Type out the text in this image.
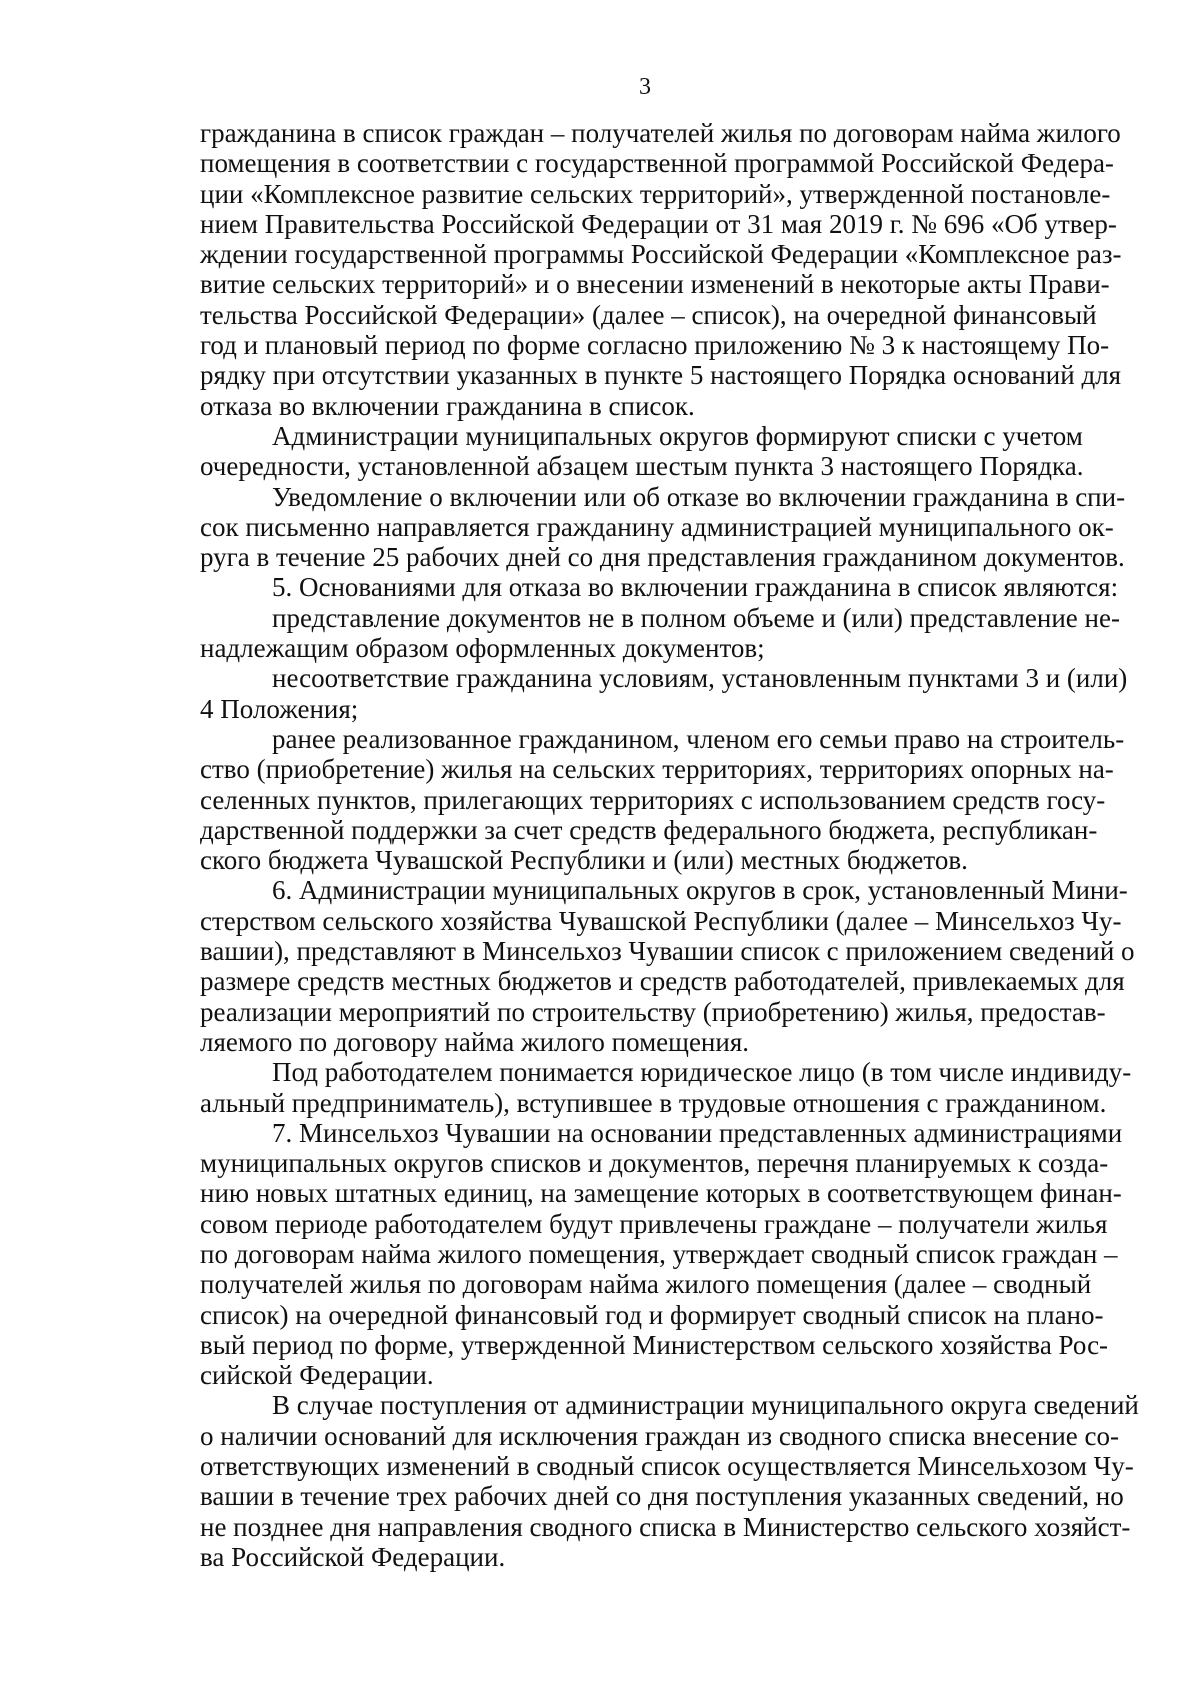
3
гражданина в список граждан – получателей жилья по договорам найма жилого
помещения в соответствии с государственной программой Российской Федера-
ции «Комплексное развитие сельских территорий», утвержденной постановле-
нием Правительства Российской Федерации от 31 мая 2019 г. № 696 «Об утвер-
ждении государственной программы Российской Федерации «Комплексное раз-
витие сельских территорий» и о внесении изменений в некоторые акты Прави-
тельства Российской Федерации» (далее – список), на очередной финансовый
год и плановый период по форме согласно приложению № 3 к настоящему По-
рядку при отсутствии указанных в пункте 5 настоящего Порядка оснований для
отказа во включении гражданина в список.
Администрации муниципальных округов формируют списки с учетом
очередности, установленной абзацем шестым пункта 3 настоящего Порядка.
Уведомление о включении или об отказе во включении гражданина в спи-
сок письменно направляется гражданину администрацией муниципального ок-
руга в течение 25 рабочих дней со дня представления гражданином документов.
5. Основаниями для отказа во включении гражданина в список являются:
представление документов не в полном объеме и (или) представление не-
надлежащим образом оформленных документов;
несоответствие гражданина условиям, установленным пунктами 3 и (или)
4 Положения;
ранее реализованное гражданином, членом его семьи право на строитель-
ство (приобретение) жилья на сельских территориях, территориях опорных на-
селенных пунктов, прилегающих территориях с использованием средств госу-
дарственной поддержки за счет средств федерального бюджета, республикан-
ского бюджета Чувашской Республики и (или) местных бюджетов.
6. Администрации муниципальных округов в срок, установленный Мини-
стерством сельского хозяйства Чувашской Республики (далее – Минсельхоз Чу-
вашии), представляют в Минсельхоз Чувашии список с приложением сведений о
размере средств местных бюджетов и средств работодателей, привлекаемых для
реализации мероприятий по строительству (приобретению) жилья, предостав-
ляемого по договору найма жилого помещения.
Под работодателем понимается юридическое лицо (в том числе индивиду-
альный предприниматель), вступившее в трудовые отношения с гражданином.
7. Минсельхоз Чувашии на основании представленных администрациями
муниципальных округов списков и документов, перечня планируемых к созда-
нию новых штатных единиц, на замещение которых в соответствующем финан-
совом периоде работодателем будут привлечены граждане – получатели жилья
по договорам найма жилого помещения, утверждает сводный список граждан –
получателей жилья по договорам найма жилого помещения (далее – сводный
список) на очередной финансовый год и формирует сводный список на плано-
вый период по форме, утвержденной Министерством сельского хозяйства Рос-
сийской Федерации.
В случае поступления от администрации муниципального округа сведений
о наличии оснований для исключения граждан из сводного списка внесение со-
ответствующих изменений в сводный список осуществляется Минсельхозом Чу-
вашии в течение трех рабочих дней со дня поступления указанных сведений, но
не позднее дня направления сводного списка в Министерство сельского хозяйст-
ва Российской Федерации.
